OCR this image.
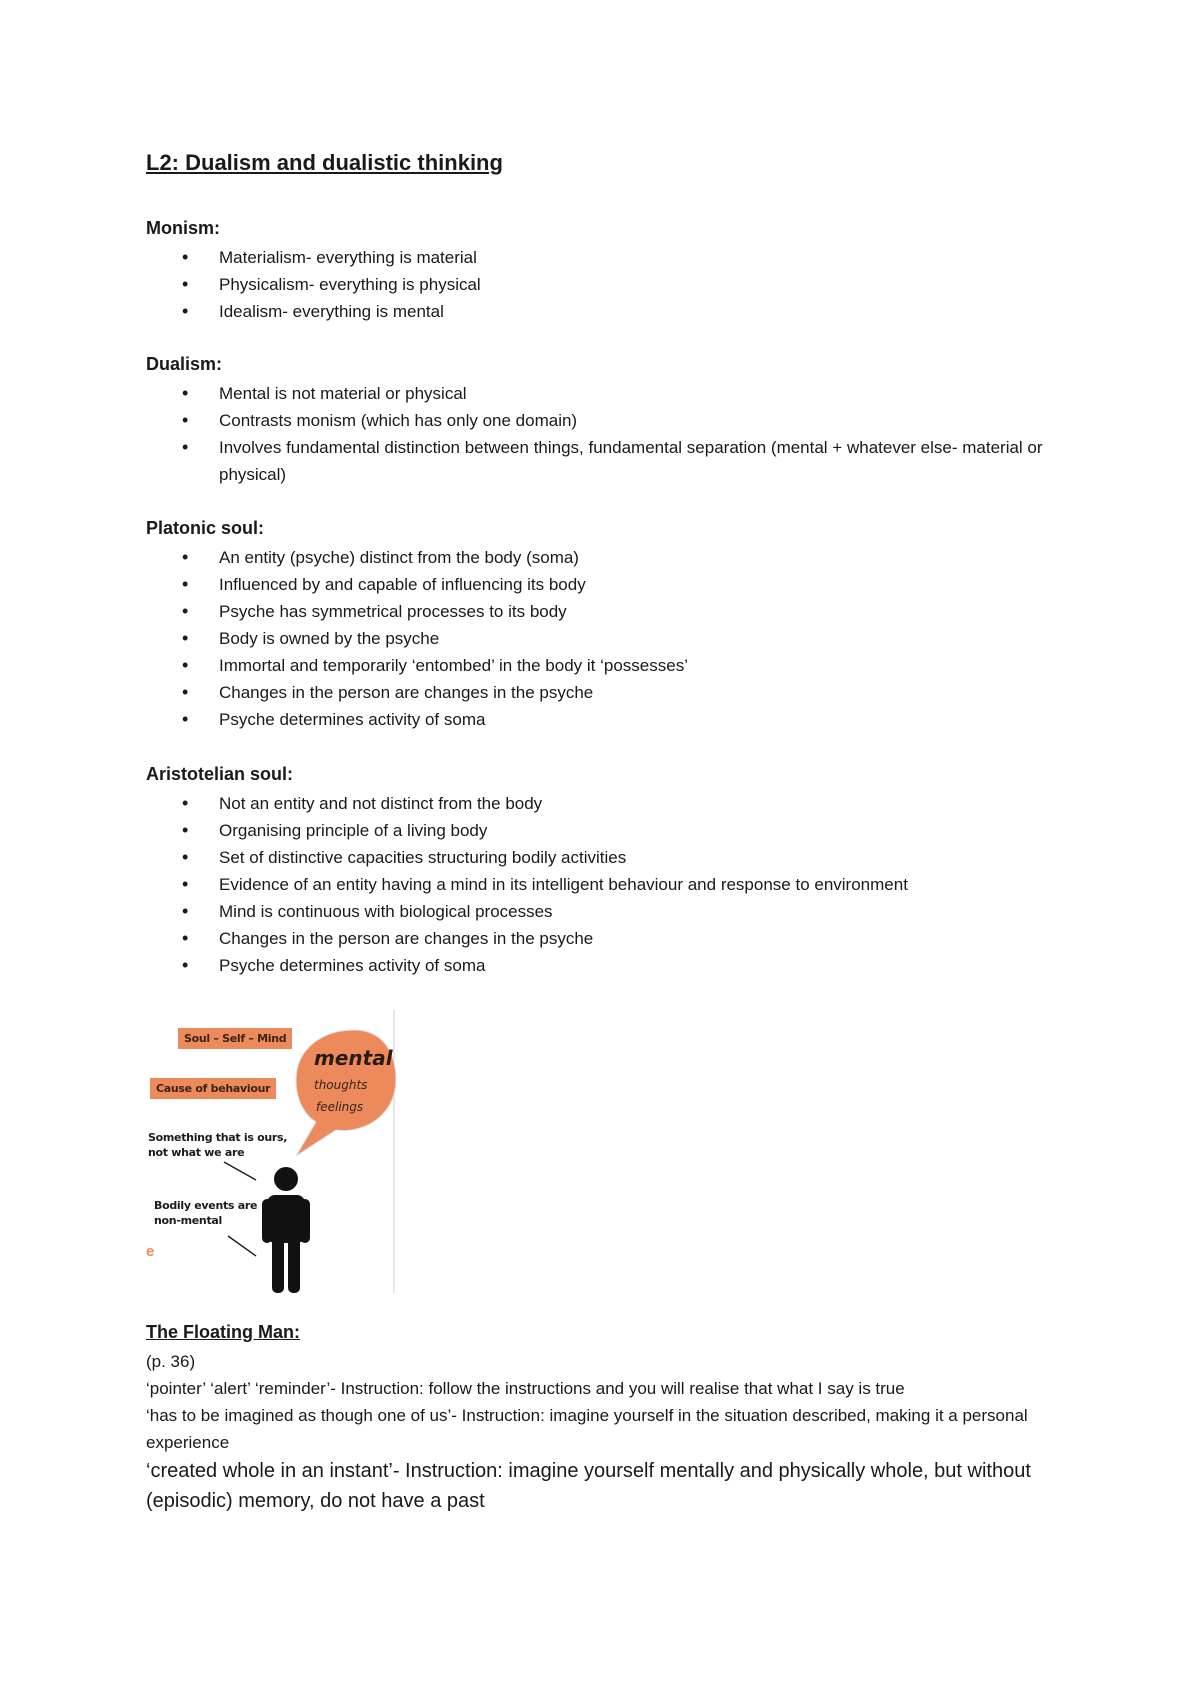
L2: Dualism and dualistic thinking

Monism:

• Materialism- everything is material
• Physicalism- everything is physical
• Idealism- everything is mental

Dualism:

• Mental is not material or physical
• Contrasts monism (which has only one domain)
• Involves fundamental distinction between things, fundamental separation (mental + whatever else- material or physical)

Platonic soul:

• An entity (psyche) distinct from the body (soma)
• Influenced by and capable of influencing its body
• Psyche has symmetrical processes to its body
• Body is owned by the psyche
• Immortal and temporarily ‘entombed’ in the body it ‘possesses’
• Changes in the person are changes in the psyche
• Psyche determines activity of soma

Aristotelian soul:

• Not an entity and not distinct from the body
• Organising principle of a living body
• Set of distinctive capacities structuring bodily activities
• Evidence of an entity having a mind in its intelligent behaviour and response to environment
• Mind is continuous with biological processes
• Changes in the person are changes in the psyche
• Psyche determines activity of soma
Soul – Self – Mind
Cause of behaviour
mental
thoughts
feelings
Something that is ours,
not what we are
Bodily events are
non-mental
e

The Floating Man:

(p. 36)

‘pointer’ ‘alert’ ‘reminder’- Instruction: follow the instructions and you will realise that what I say is true

‘has to be imagined as though one of us’- Instruction: imagine yourself in the situation described, making it a personal experience

‘created whole in an instant’- Instruction: imagine yourself mentally and physically whole, but without (episodic) memory, do not have a past
